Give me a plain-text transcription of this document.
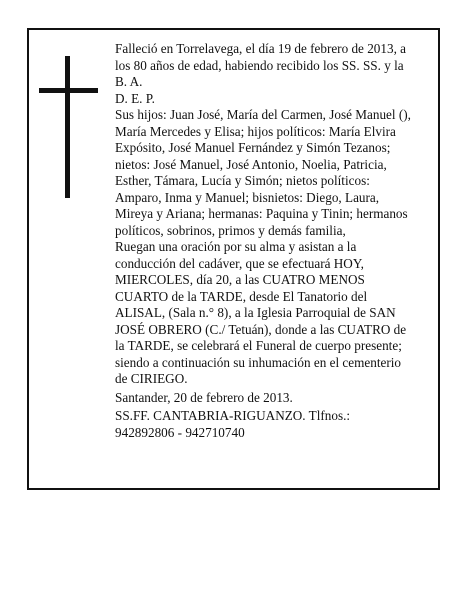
Falleció en Torrelavega, el día 19 de febrero de 2013, a

los 80 años de edad, habiendo recibido los SS. SS. y la

B. A.

D. E. P.

Sus hijos: Juan José, María del Carmen, José Manuel (),

María Mercedes y Elisa; hijos políticos: María Elvira

Expósito, José Manuel Fernández y Simón Tezanos;

nietos: José Manuel, José Antonio, Noelia, Patricia,

Esther, Támara, Lucía y Simón; nietos políticos:

Amparo, Inma y Manuel; bisnietos: Diego, Laura,

Mireya y Ariana; hermanas: Paquina y Tinin; hermanos

políticos, sobrinos, primos y demás familia,

Ruegan una oración por su alma y asistan a la

conducción del cadáver, que se efectuará HOY,

MIERCOLES, día 20, a las CUATRO MENOS

CUARTO de la TARDE, desde El Tanatorio del

ALISAL, (Sala n.° 8), a la Iglesia Parroquial de SAN

JOSÉ OBRERO (C./ Tetuán), donde a las CUATRO de

la TARDE, se celebrará el Funeral de cuerpo presente;

siendo a continuación su inhumación en el cementerio

de CIRIEGO.

Santander, 20 de febrero de 2013.

SS.FF. CANTABRIA-RIGUANZO. Tlfnos.:

942892806 - 942710740
